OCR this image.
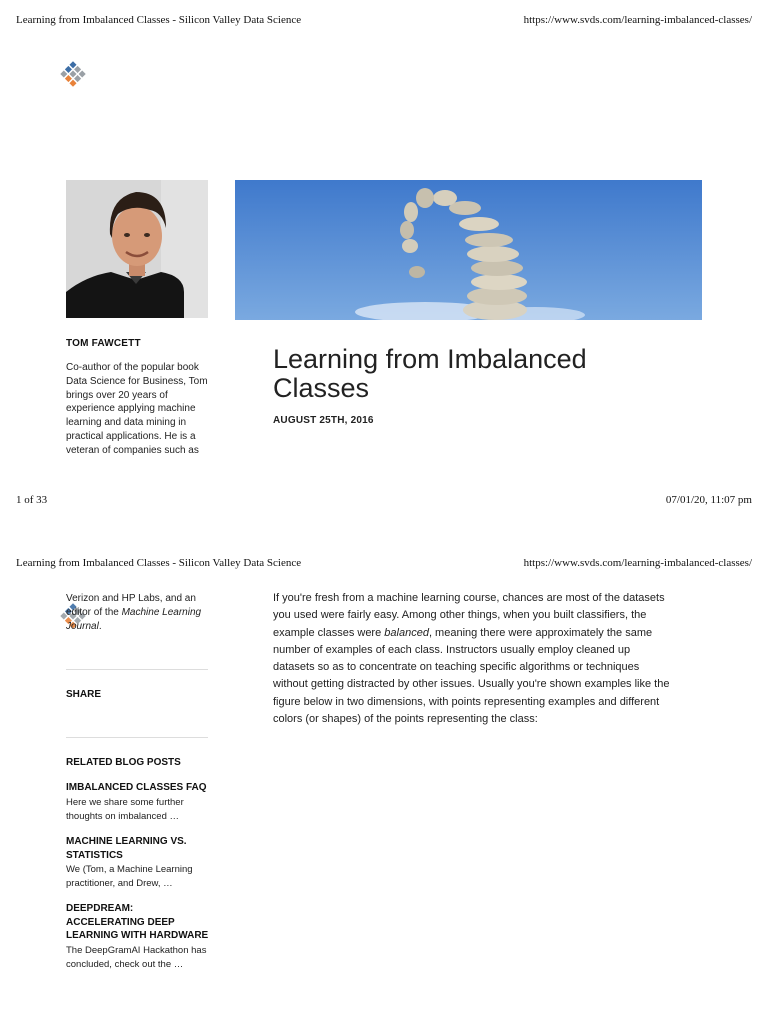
Learning from Imbalanced Classes - Silicon Valley Data Science	https://www.svds.com/learning-imbalanced-classes/
TOM FAWCETT
Co-author of the popular book Data Science for Business, Tom brings over 20 years of experience applying machine learning and data mining in practical applications. He is a veteran of companies such as
Learning from Imbalanced Classes
AUGUST 25TH, 2016
1 of 33	07/01/20, 11:07 pm
Learning from Imbalanced Classes - Silicon Valley Data Science	https://www.svds.com/learning-imbalanced-classes/
Verizon and HP Labs, and an editor of the Machine Learning Journal.
SHARE
RELATED BLOG POSTS
IMBALANCED CLASSES FAQ
Here we share some further thoughts on imbalanced …
MACHINE LEARNING VS. STATISTICS
We (Tom, a Machine Learning practitioner, and Drew, …
DEEPDREAM: ACCELERATING DEEP LEARNING WITH HARDWARE
The DeepGramAI Hackathon has concluded, check out the …
If you're fresh from a machine learning course, chances are most of the datasets you used were fairly easy. Among other things, when you built classifiers, the example classes were balanced, meaning there were approximately the same number of examples of each class. Instructors usually employ cleaned up datasets so as to concentrate on teaching specific algorithms or techniques without getting distracted by other issues. Usually you're shown examples like the figure below in two dimensions, with points representing examples and different colors (or shapes) of the points representing the class:
